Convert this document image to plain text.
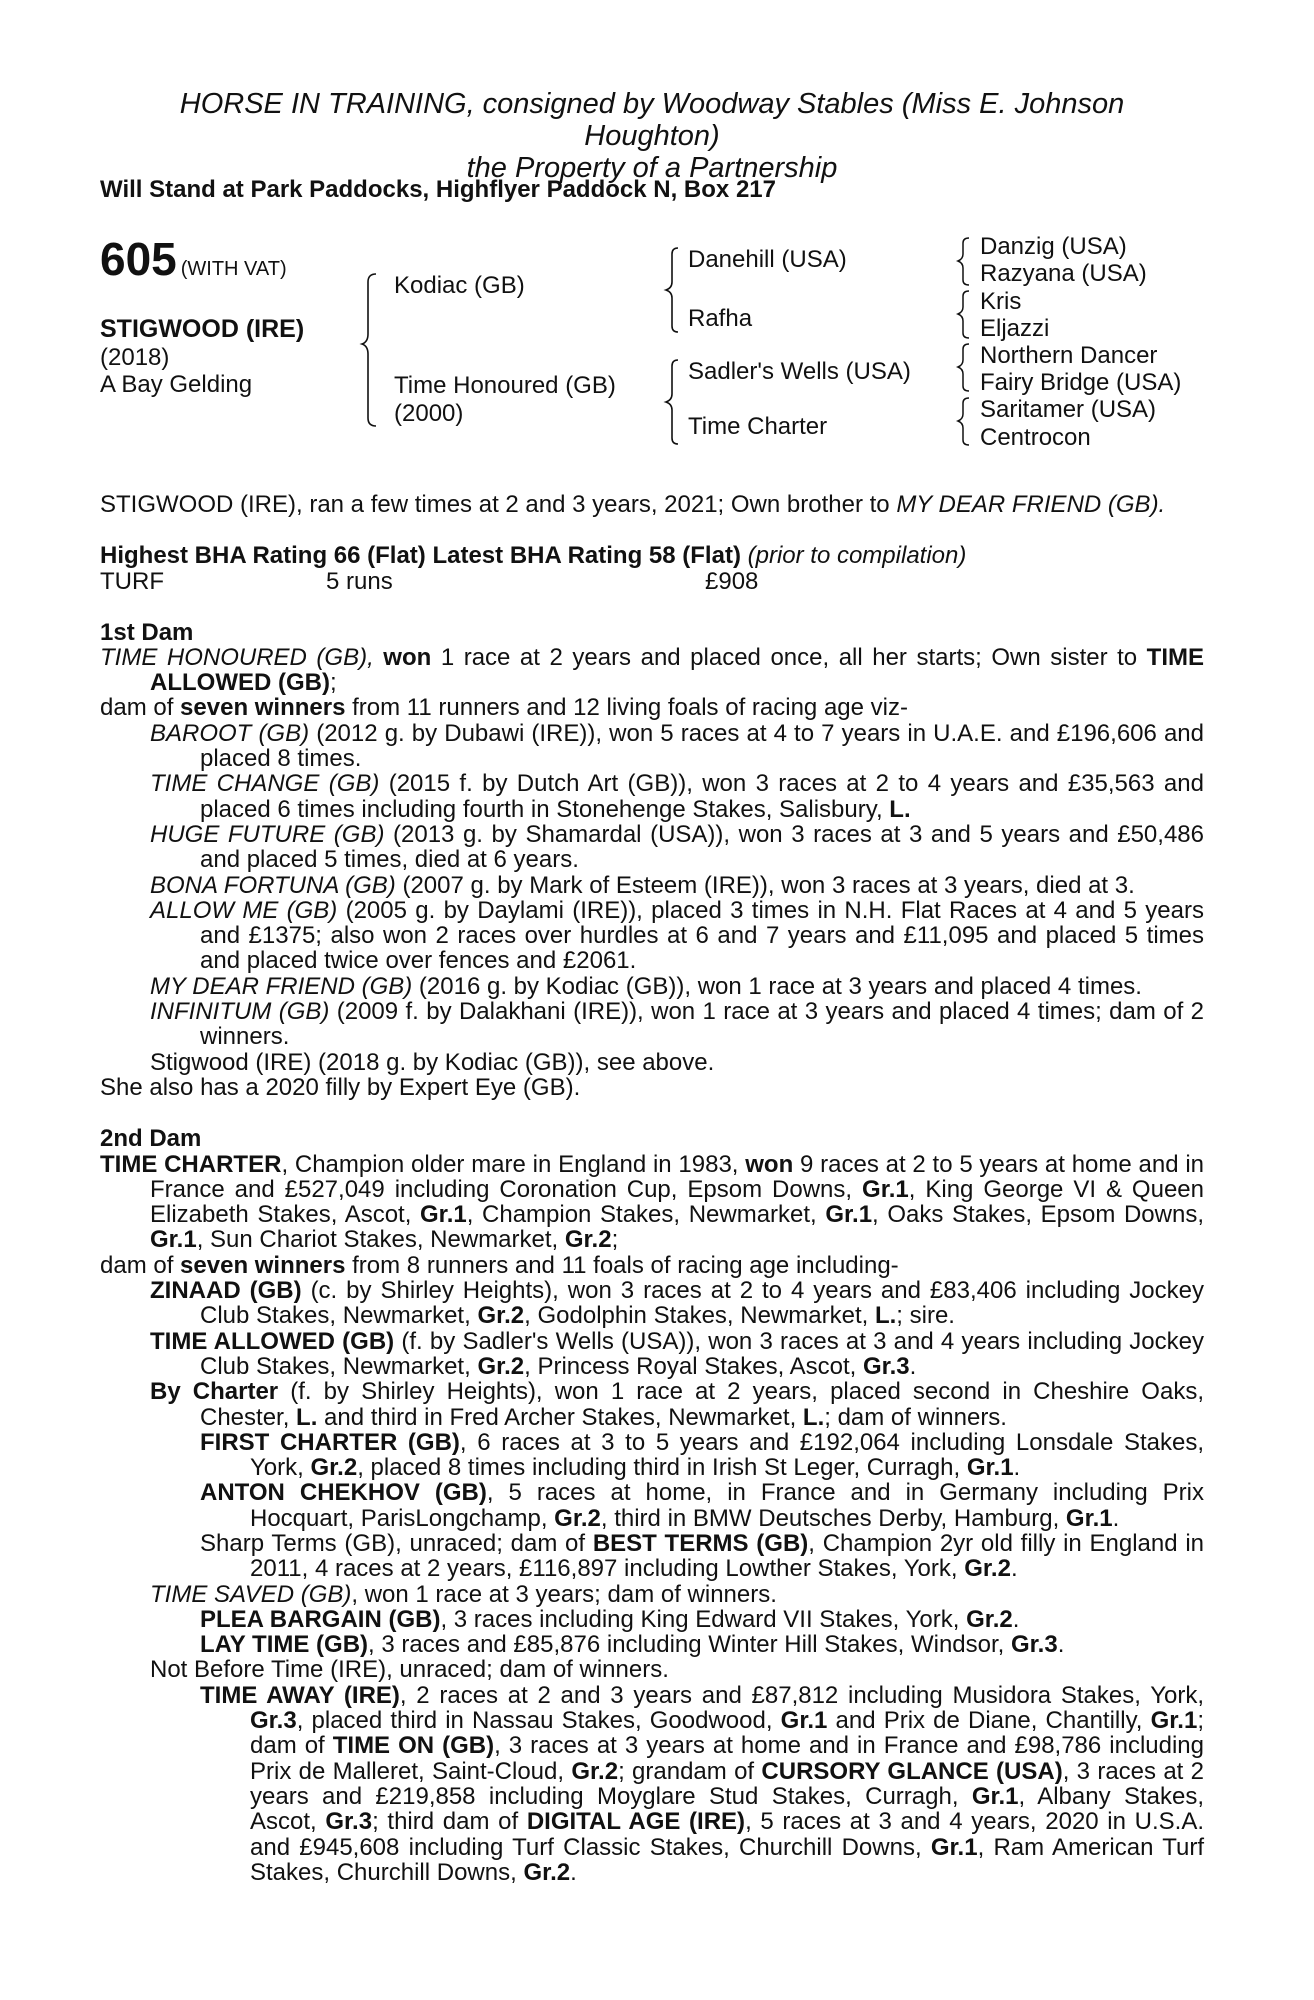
HORSE IN TRAINING, consigned by Woodway Stables (Miss E. Johnson
Houghton)
the Property of a Partnership
Will Stand at Park Paddocks, Highflyer Paddock N, Box 217
605 (WITH VAT)
STIGWOOD (IRE)
(2018)
A Bay Gelding
Kodiac (GB)
Time Honoured (GB)
(2000)
Danehill (USA)
Rafha
Sadler's Wells (USA)
Time Charter
Danzig (USA)
Razyana (USA)
Kris
Eljazzi
Northern Dancer
Fairy Bridge (USA)
Saritamer (USA)
Centrocon

STIGWOOD (IRE), ran a few times at 2 and 3 years, 2021; Own brother to MY DEAR FRIEND (GB).

Highest BHA Rating 66 (Flat) Latest BHA Rating 58 (Flat) (prior to compilation)

TURF	5 runs	£908

1st Dam

TIME HONOURED (GB), won 1 race at 2 years and placed once, all her starts; Own sister to TIME ALLOWED (GB);

dam of seven winners from 11 runners and 12 living foals of racing age viz-

BAROOT (GB) (2012 g. by Dubawi (IRE)), won 5 races at 4 to 7 years in U.A.E. and £196,606 and placed 8 times.

TIME CHANGE (GB) (2015 f. by Dutch Art (GB)), won 3 races at 2 to 4 years and £35,563 and placed 6 times including fourth in Stonehenge Stakes, Salisbury, L.

HUGE FUTURE (GB) (2013 g. by Shamardal (USA)), won 3 races at 3 and 5 years and £50,486 and placed 5 times, died at 6 years.

BONA FORTUNA (GB) (2007 g. by Mark of Esteem (IRE)), won 3 races at 3 years, died at 3.

ALLOW ME (GB) (2005 g. by Daylami (IRE)), placed 3 times in N.H. Flat Races at 4 and 5 years and £1375; also won 2 races over hurdles at 6 and 7 years and £11,095 and placed 5 times and placed twice over fences and £2061.

MY DEAR FRIEND (GB) (2016 g. by Kodiac (GB)), won 1 race at 3 years and placed 4 times.

INFINITUM (GB) (2009 f. by Dalakhani (IRE)), won 1 race at 3 years and placed 4 times; dam of 2 winners.

Stigwood (IRE) (2018 g. by Kodiac (GB)), see above.

She also has a 2020 filly by Expert Eye (GB).

2nd Dam

TIME CHARTER, Champion older mare in England in 1983, won 9 races at 2 to 5 years at home and in France and £527,049 including Coronation Cup, Epsom Downs, Gr.1, King George VI & Queen Elizabeth Stakes, Ascot, Gr.1, Champion Stakes, Newmarket, Gr.1, Oaks Stakes, Epsom Downs, Gr.1, Sun Chariot Stakes, Newmarket, Gr.2;

dam of seven winners from 8 runners and 11 foals of racing age including-

ZINAAD (GB) (c. by Shirley Heights), won 3 races at 2 to 4 years and £83,406 including Jockey Club Stakes, Newmarket, Gr.2, Godolphin Stakes, Newmarket, L.; sire.

TIME ALLOWED (GB) (f. by Sadler's Wells (USA)), won 3 races at 3 and 4 years including Jockey Club Stakes, Newmarket, Gr.2, Princess Royal Stakes, Ascot, Gr.3.

By Charter (f. by Shirley Heights), won 1 race at 2 years, placed second in Cheshire Oaks, Chester, L. and third in Fred Archer Stakes, Newmarket, L.; dam of winners.

FIRST CHARTER (GB), 6 races at 3 to 5 years and £192,064 including Lonsdale Stakes, York, Gr.2, placed 8 times including third in Irish St Leger, Curragh, Gr.1.

ANTON CHEKHOV (GB), 5 races at home, in France and in Germany including Prix Hocquart, ParisLongchamp, Gr.2, third in BMW Deutsches Derby, Hamburg, Gr.1.

Sharp Terms (GB), unraced; dam of BEST TERMS (GB), Champion 2yr old filly in England in 2011, 4 races at 2 years, £116,897 including Lowther Stakes, York, Gr.2.

TIME SAVED (GB), won 1 race at 3 years; dam of winners.

PLEA BARGAIN (GB), 3 races including King Edward VII Stakes, York, Gr.2.

LAY TIME (GB), 3 races and £85,876 including Winter Hill Stakes, Windsor, Gr.3.

Not Before Time (IRE), unraced; dam of winners.

TIME AWAY (IRE), 2 races at 2 and 3 years and £87,812 including Musidora Stakes, York, Gr.3, placed third in Nassau Stakes, Goodwood, Gr.1 and Prix de Diane, Chantilly, Gr.1; dam of TIME ON (GB), 3 races at 3 years at home and in France and £98,786 including Prix de Malleret, Saint-Cloud, Gr.2; grandam of CURSORY GLANCE (USA), 3 races at 2 years and £219,858 including Moyglare Stud Stakes, Curragh, Gr.1, Albany Stakes, Ascot, Gr.3; third dam of DIGITAL AGE (IRE), 5 races at 3 and 4 years, 2020 in U.S.A. and £945,608 including Turf Classic Stakes, Churchill Downs, Gr.1, Ram American Turf Stakes, Churchill Downs, Gr.2.
